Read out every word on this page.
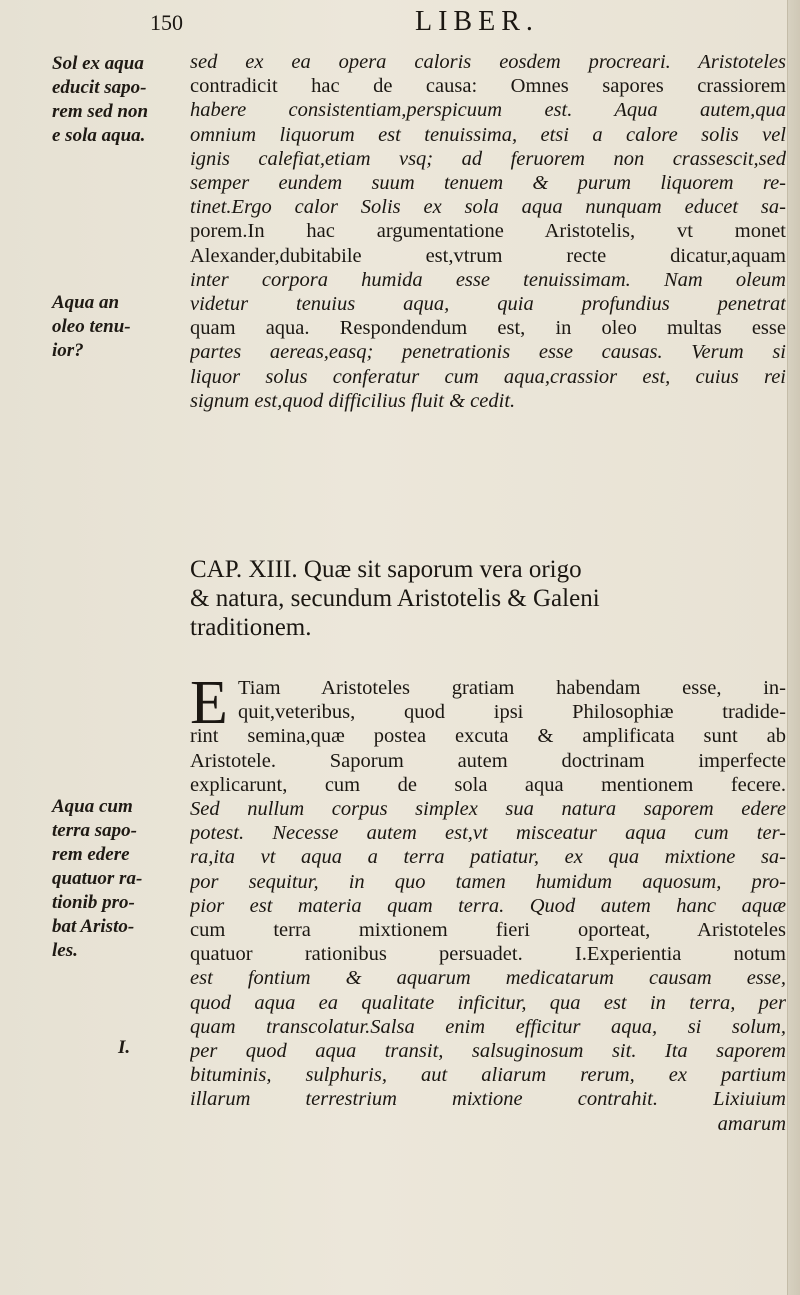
150	LIBER.
Sol ex aqua
educit sapo-
rem sed non
e sola aqua.
Aqua an
oleo tenu-
ior?
Aqua cum
terra sapo-
rem edere
quatuor ra-
tionib pro-
bat Aristo-
les.
I.
sed ex ea opera caloris eosdem procreari. Aristoteles
contradicit hac de causa: Omnes sapores crassiorem
habere consistentiam,perspicuum est. Aqua autem,qua
omnium liquorum est tenuissima, etsi a calore solis vel
ignis calefiat,etiam vsq; ad feruorem non crassescit,sed
semper eundem suum tenuem & purum liquorem re-
tinet.Ergo calor Solis ex sola aqua nunquam educet sa-
porem.In hac argumentatione Aristotelis, vt monet
Alexander,dubitabile est,vtrum recte dicatur,aquam
inter corpora humida esse tenuissimam. Nam oleum
videtur tenuius aqua, quia profundius penetrat
quam aqua. Respondendum est, in oleo multas esse
partes aereas,easq; penetrationis esse causas. Verum si
liquor solus conferatur cum aqua,crassior est, cuius rei
signum est,quod difficilius fluit & cedit.
CAP. XIII. Quæ sit saporum vera origo
& natura, secundum Aristotelis & Galeni
traditionem.
E Tiam Aristoteles gratiam habendam esse, in-
quit,veteribus, quod ipsi Philosophiæ tradide-
rint semina,quæ postea excuta & amplificata sunt ab
Aristotele. Saporum autem doctrinam imperfecte
explicarunt, cum de sola aqua mentionem fecere.
Sed nullum corpus simplex sua natura saporem edere
potest. Necesse autem est,vt misceatur aqua cum ter-
ra,ita vt aqua a terra patiatur, ex qua mixtione sa-
por sequitur, in quo tamen humidum aquosum, pro-
pior est materia quam terra. Quod autem hanc aquæ
cum terra mixtionem fieri oporteat, Aristoteles
quatuor rationibus persuadet. I.Experientia notum
est fontium & aquarum medicatarum causam esse,
quod aqua ea qualitate inficitur, qua est in terra, per
quam transcolatur.Salsa enim efficitur aqua, si solum,
per quod aqua transit, salsuginosum sit. Ita saporem
bituminis, sulphuris, aut aliarum rerum, ex partium
illarum terrestrium mixtione contrahit. Lixiuium
amarum
